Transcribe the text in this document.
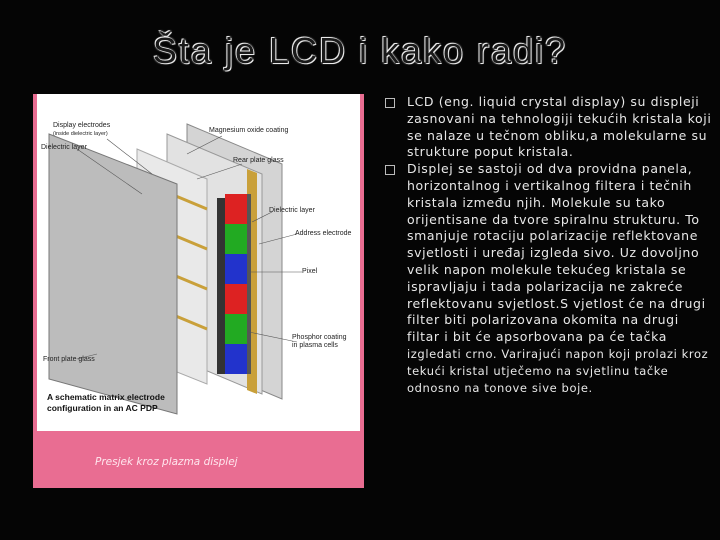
Šta je LCD i kako radi?
Display electrodes
(inside dielectric layer)	Magnesium oxide coating
Dielectric layer
Rear plate glass
Dielectric layer
Address electrode
Pixel
Front plate glass
Phosphor coating in plasma cells
A schematic matrix electrode
configuration in an AC PDP
Presjek kroz plazma displej

LCD (eng. liquid crystal display) su displeji zasnovani na tehnologiji tekućih kristala koji se nalaze u tečnom obliku,a molekularne su strukture poput kristala.

Displej se sastoji od dva providna panela, horizontalnog i vertikalnog filtera i tečnih kristala između njih. Molekule su tako orijentisane da tvore spiralnu strukturu. To smanjuje rotaciju polarizacije reflektovane svjetlosti i uređaj izgleda sivo. Uz dovoljno velik napon molekule tekućeg kristala se ispravljaju i tada polarizacija ne zakreće reflektovanu svjetlost.S vjetlost će na drugi filter biti polarizovana okomita na drugi filtar i bit će apsorbovana pa će tačka izgledati crno. Varirajući napon koji prolazi kroz tekući kristal utječemo na svjetlinu tačke odnosno na tonove sive boje.
